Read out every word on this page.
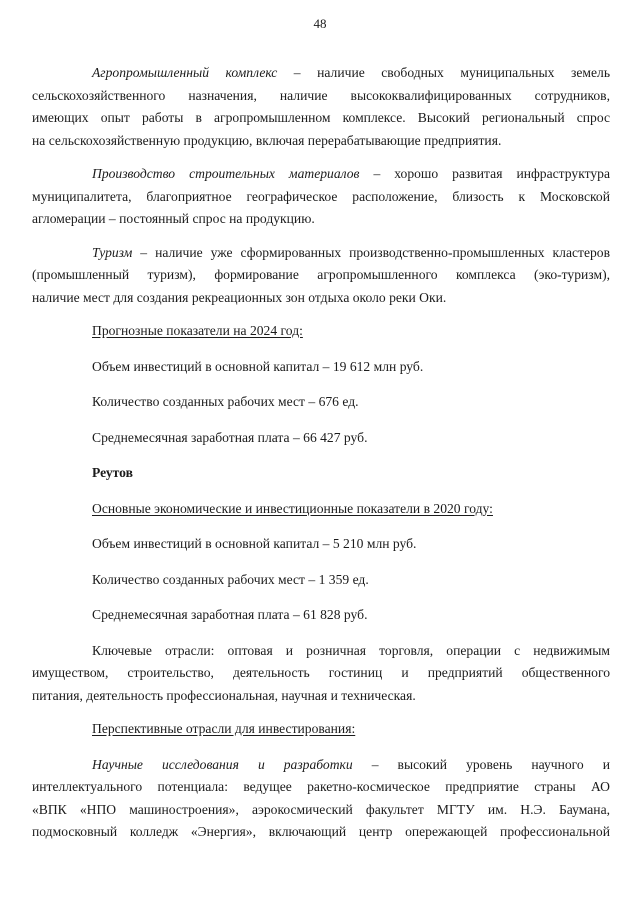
48
Агропромышленный комплекс – наличие свободных муниципальных земель
сельскохозяйственного назначения, наличие высококвалифицированных сотрудников,
имеющих опыт работы в агропромышленном комплексе. Высокий региональный спрос
на сельскохозяйственную продукцию, включая перерабатывающие предприятия.
Производство строительных материалов – хорошо развитая инфраструктура
муниципалитета, благоприятное географическое расположение, близость к Московской
агломерации – постоянный спрос на продукцию.
Туризм – наличие уже сформированных производственно-промышленных кластеров
(промышленный туризм), формирование агропромышленного комплекса (эко-туризм),
наличие мест для создания рекреационных зон отдыха около реки Оки.
Прогнозные показатели на 2024 год:
Объем инвестиций в основной капитал – 19 612 млн руб.
Количество созданных рабочих мест – 676 ед.
Среднемесячная заработная плата – 66 427 руб.
Реутов
Основные экономические и инвестиционные показатели в 2020 году:
Объем инвестиций в основной капитал – 5 210 млн руб.
Количество созданных рабочих мест – 1 359 ед.
Среднемесячная заработная плата – 61 828 руб.
Ключевые отрасли: оптовая и розничная торговля, операции с недвижимым
имуществом, строительство, деятельность гостиниц и предприятий общественного
питания, деятельность профессиональная, научная и техническая.
Перспективные отрасли для инвестирования:
Научные исследования и разработки – высокий уровень научного и
интеллектуального потенциала: ведущее ракетно-космическое предприятие страны АО
«ВПК «НПО машиностроения», аэрокосмический факультет МГТУ им. Н.Э. Баумана,
подмосковный колледж «Энергия», включающий центр опережающей профессиональной
